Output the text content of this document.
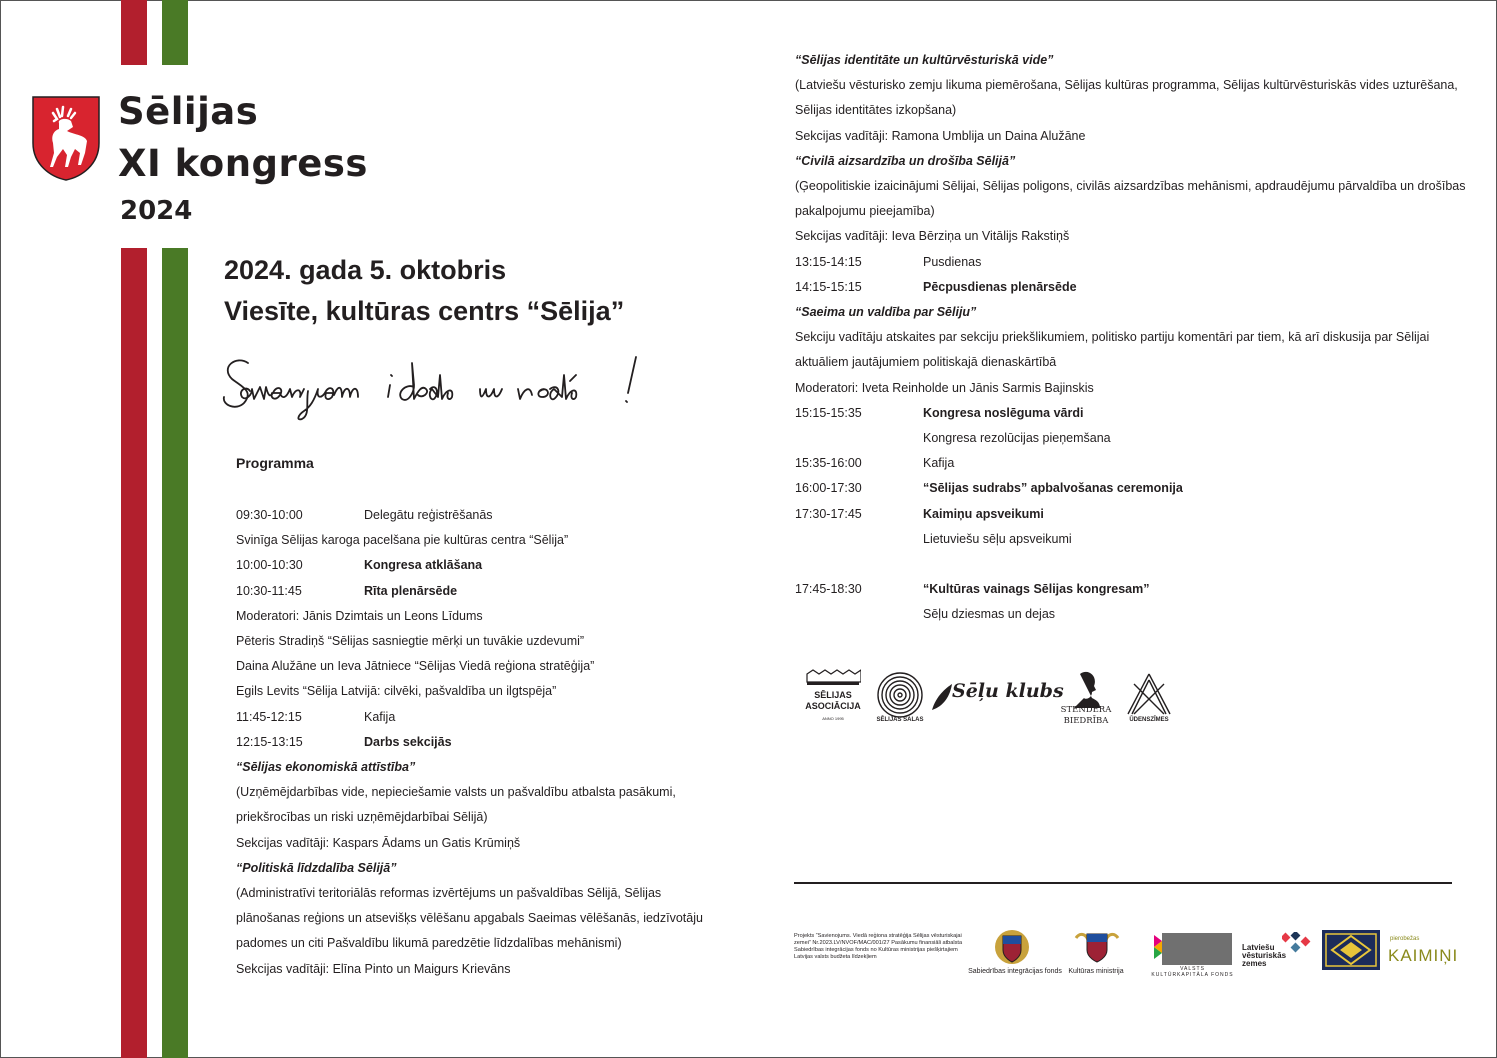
Sēlijas
XI kongress
2024
2024. gada 5. oktobris
Viesīte, kultūras centrs “Sēlija”
Programma
09:30-10:00	Delegātu reģistrēšanās
Svinīga Sēlijas karoga pacelšana pie kultūras centra “Sēlija”
10:00-10:30	Kongresa atklāšana
10:30-11:45	Rīta plenārsēde
Moderatori: Jānis Dzimtais un Leons Līdums
Pēteris Stradiņš “Sēlijas sasniegtie mērķi un tuvākie uzdevumi”
Daina Alužāne un Ieva Jātniece “Sēlijas Viedā reģiona stratēģija”
Egils Levits “Sēlija Latvijā: cilvēki, pašvaldība un ilgtspēja”
11:45-12:15	Kafija
12:15-13:15	Darbs sekcijās
“Sēlijas ekonomiskā attīstība”
(Uzņēmējdarbības vide, nepieciešamie valsts un pašvaldību atbalsta pasākumi,
priekšrocības un riski uzņēmējdarbībai Sēlijā)
Sekcijas vadītāji: Kaspars Ādams un Gatis Krūmiņš
“Politiskā līdzdalība Sēlijā”
(Administratīvi teritoriālās reformas izvērtējums un pašvaldības Sēlijā, Sēlijas
plānošanas reģions un atsevišķs vēlēšanu apgabals Saeimas vēlēšanās, iedzīvotāju
padomes un citi Pašvaldību likumā paredzētie līdzdalības mehānismi)
Sekcijas vadītāji: Elīna Pinto un Maigurs Krievāns
“Sēlijas identitāte un kultūrvēsturiskā vide”
(Latviešu vēsturisko zemju likuma piemērošana, Sēlijas kultūras programma, Sēlijas kultūrvēsturiskās vides uzturēšana,
Sēlijas identitātes izkopšana)
Sekcijas vadītāji: Ramona Umblija un Daina Alužāne
“Civilā aizsardzība un drošība Sēlijā”
(Ģeopolitiskie izaicinājumi Sēlijai, Sēlijas poligons, civilās aizsardzības mehānismi, apdraudējumu pārvaldība un drošības
pakalpojumu pieejamība)
Sekcijas vadītāji: Ieva Bērziņa un Vitālijs Rakstiņš
13:15-14:15	Pusdienas
14:15-15:15	Pēcpusdienas plenārsēde
“Saeima un valdība par Sēliju”
Sekciju vadītāju atskaites par sekciju priekšlikumiem, politisko partiju komentāri par tiem, kā arī diskusija par Sēlijai
aktuāliem jautājumiem politiskajā dienaskārtībā
Moderatori: Iveta Reinholde un Jānis Sarmis Bajinskis
15:15-15:35	Kongresa noslēguma vārdi
Kongresa rezolūcijas pieņemšana
15:35-16:00	Kafija
16:00-17:30	“Sēlijas sudrabs” apbalvošanas ceremonija
17:30-17:45	Kaimiņu apsveikumi
Lietuviešu sēļu apsveikumi
17:45-18:30	“Kultūras vainags Sēlijas kongresam”
Sēļu dziesmas un dejas
SĒLIJAS ASOCIĀCIJA
ANNO 1995	SĒLIJAS SALAS
Sēļu klubs
STENDERA
BIEDRĪBA	ŪDENSZĪMES
Projekts “Savienojums. Viedā reģiona stratēģija Sēlijas vēsturiskajai zemei” Nr.2023.LV/NVOF/MAC/001/27 Pasākumu finansiāli atbalsta Sabiedrības integrācijas fonds no Kultūras ministrijas piešķirtajiem Latvijas valsts budžeta līdzekļiem
Sabiedrības integrācijas fonds Kultūras ministrija	VALSTS
KULTŪRKAPITĀLA FONDS
Latviešu
vēsturiskās
zemes
pierobežas
KAIMIŅI
